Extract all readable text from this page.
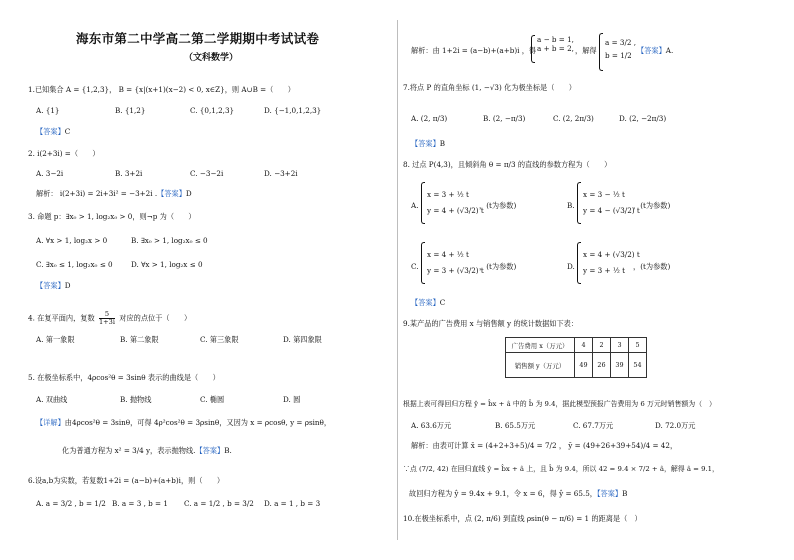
海东市第二中学高二第二学期期中考试试卷
（文科数学）
1.已知集合 A = {1,2,3}， B = {x|(x+1)(x−2) < 0, x∈Z}，则 A∪B =（　　）
A. {1}	B. {1,2}	C. {0,1,2,3}	D. {−1,0,1,2,3}
【答案】C
2. i(2+3i) =（　　）
A. 3−2i	B. 3+2i	C. −3−2i	D. −3+2i
解析： i(2+3i) = 2i+3i² = −3+2i .【答案】D
3. 命题 p：∃x₀ > 1, log₂x₀ > 0，则¬p 为（　　）
A. ∀x > 1, log₂x > 0	B. ∃x₀ > 1, log₂x₀ ≤ 0
C. ∃x₀ ≤ 1, log₂x₀ ≤ 0	D. ∀x > 1, log₂x ≤ 0
【答案】D
4. 在复平面内，复数 $\frac{5}{1+3i}$ 对应的点位于（　　）
A. 第一象限	B. 第二象限	C. 第三象限	D. 第四象限
5. 在极坐标系中，4ρcos²θ = 3sinθ 表示的曲线是（　　）
A. 双曲线	B. 抛物线	C. 椭圆	D. 圆
【详解】由4ρcos²θ = 3sinθ，可得 4ρ²cos²θ = 3ρsinθ，又因为 x = ρcosθ, y = ρsinθ，
化为普通方程为 x² = 3/4 y，表示抛物线.【答案】B.
6.设a,b为实数，若复数1+2i = (a−b)+(a+b)i，则（　　）
A. a = 3/2 , b = 1/2 B. a = 3 , b = 1 C. a = 1/2 , b = 3/2 D. a = 1 , b = 3
解析：由 1+2i = (a−b)+(a+b)i ，得
a − b = 1,
a + b = 2, ，解得
a = 3/2 ,
b = 1/2
【答案】A.
7.将点 P 的直角坐标 (1, −√3) 化为极坐标是（　　）
A. (2, π/3)	B. (2, −π/3)	C. (2, 2π/3)	D. (2, −2π/3)
【答案】B
8. 过点 P(4,3)，且倾斜角 θ = π/3 的直线的参数方程为（　　）
A.
x = 3 + ½ t
y = 4 + (√3/2) t
，(t为参数)	B.
x = 3 − ½ t
y = 4 − (√3/2) t
，(t为参数)
C.
x = 4 + ½ t
y = 3 + (√3/2) t
，(t为参数)	D.
x = 4 + (√3/2) t
y = 3 + ½ t	，(t为参数)
【答案】C
9.某产品的广告费用 x 与销售额 y 的统计数据如下表：
广告费用 x（万元）	4	2	3	5
销售额 y（万元）	49	26	39	54
根据上表可得回归方程 ŷ = b̂x + â 中的 b̂ 为 9.4，据此模型预报广告费用为 6 万元时销售额为（　）
A. 63.6万元	B. 65.5万元	C. 67.7万元	D. 72.0万元
解析：由表可计算 x̄ = (4+2+3+5)/4 = 7/2 ， ȳ = (49+26+39+54)/4 = 42，
∵点 (7/2, 42) 在回归直线 ŷ = b̂x + â 上，且 b̂ 为 9.4，所以 42 = 9.4 × 7/2 + â，解得 â = 9.1，
故回归方程为 ŷ = 9.4x + 9.1，令 x = 6，得 ŷ = 65.5，【答案】B
10.在极坐标系中，点 (2, π/6) 到直线 ρsin(θ − π/6) = 1 的距离是（　）
